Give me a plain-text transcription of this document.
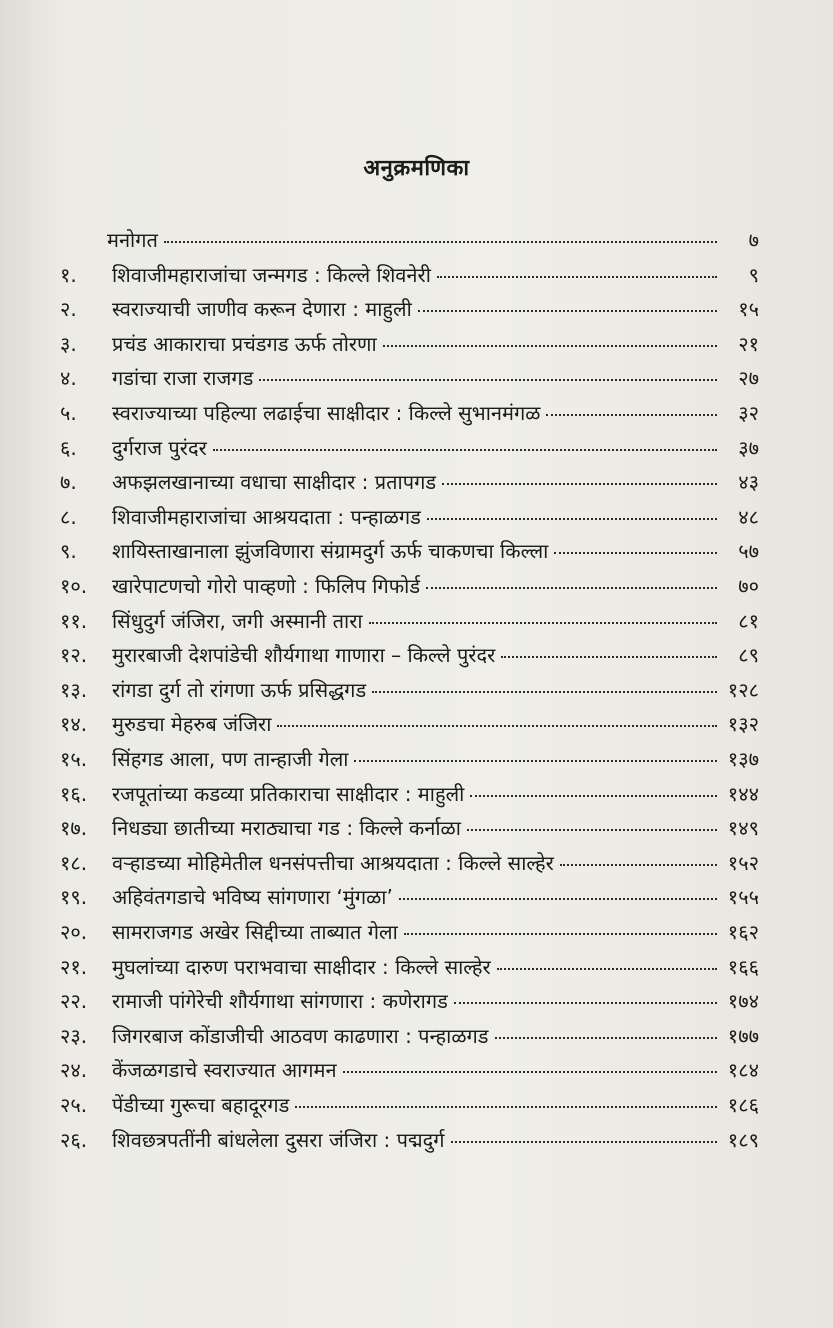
अनुक्रमणिका
मनोगत	७
१.	शिवाजीमहाराजांचा जन्मगड : किल्ले शिवनेरी	९
२.	स्वराज्याची जाणीव करून देणारा : माहुली	१५
३.	प्रचंड आकाराचा प्रचंडगड ऊर्फ तोरणा	२१
४.	गडांचा राजा राजगड	२७
५.	स्वराज्याच्या पहिल्या लढाईचा साक्षीदार : किल्ले सुभानमंगळ	३२
६.	दुर्गराज पुरंदर	३७
७.	अफझलखानाच्या वधाचा साक्षीदार : प्रतापगड	४३
८.	शिवाजीमहाराजांचा आश्रयदाता : पन्हाळगड	४८
९.	शायिस्ताखानाला झुंजविणारा संग्रामदुर्ग ऊर्फ चाकणचा किल्ला	५७
१०.	खारेपाटणचो गोरो पाव्हणो : फिलिप गिफोर्ड	७०
११.	सिंधुदुर्ग जंजिरा, जगी अस्मानी तारा	८१
१२.	मुरारबाजी देशपांडेची शौर्यगाथा गाणारा – किल्ले पुरंदर	८९
१३.	रांगडा दुर्ग तो रांगणा ऊर्फ प्रसिद्धगड	१२८
१४.	मुरुडचा मेहरुब जंजिरा	१३२
१५.	सिंहगड आला, पण तान्हाजी गेला	१३७
१६.	रजपूतांच्या कडव्या प्रतिकाराचा साक्षीदार : माहुली	१४४
१७.	निधड्या छातीच्या मराठ्याचा गड : किल्ले कर्नाळा	१४९
१८.	वऱ्हाडच्या मोहिमेतील धनसंपत्तीचा आश्रयदाता : किल्ले साल्हेर	१५२
१९.	अहिवंतगडाचे भविष्य सांगणारा ‘मुंगळा’	१५५
२०.	सामराजगड अखेर सिद्दीच्या ताब्यात गेला	१६२
२१.	मुघलांच्या दारुण पराभवाचा साक्षीदार : किल्ले साल्हेर	१६६
२२.	रामाजी पांगेरेची शौर्यगाथा सांगणारा : कणेरागड	१७४
२३.	जिगरबाज कोंडाजीची आठवण काढणारा : पन्हाळगड	१७७
२४.	केंजळगडाचे स्वराज्यात आगमन	१८४
२५.	पेंडीच्या गुरूचा बहादूरगड	१८६
२६.	शिवछत्रपतींनी बांधलेला दुसरा जंजिरा : पद्मदुर्ग	१८९
